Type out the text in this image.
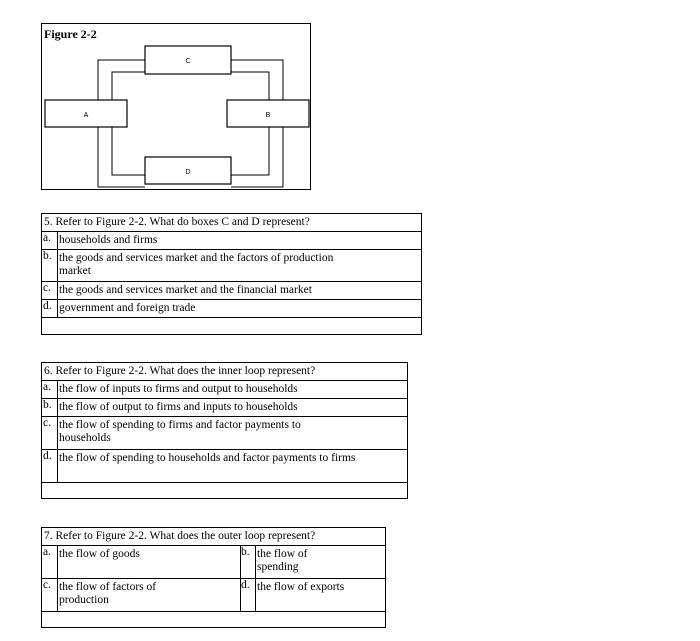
Figure 2-2
C
A	B
D
5. Refer to Figure 2-2. What do boxes C and D represent?
a. households and firms
b. the goods and services market and the factors of production market
c. the goods and services market and the financial market
d. government and foreign trade
6. Refer to Figure 2-2. What does the inner loop represent?
a. the flow of inputs to firms and output to households
b. the flow of output to firms and inputs to households
c. the flow of spending to firms and factor payments to households
d. the flow of spending to households and factor payments to firms
7. Refer to Figure 2-2. What does the outer loop represent?
a. the flow of goods	b. the flow of spending
c. the flow of factors of production
d. the flow of exports
